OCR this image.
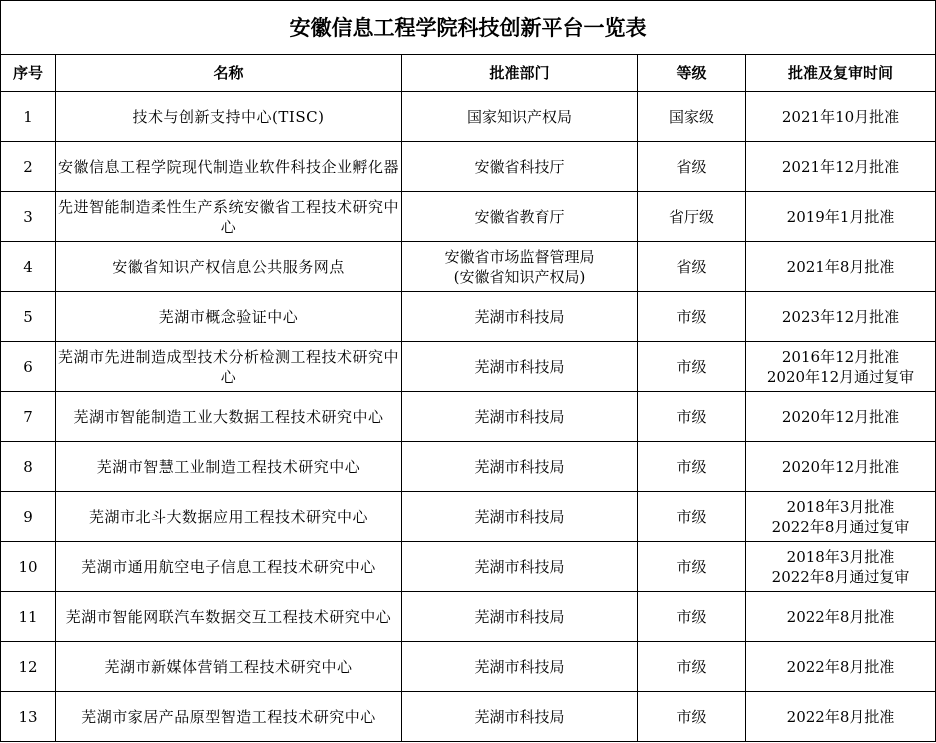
安徽信息工程学院科技创新平台一览表				
序号	名称	批准部门	等级	批准及复审时间
1	技术与创新支持中心(TISC)	国家知识产权局	国家级	2021年10月批准

2	安徽信息工程学院现代制造业软件科技企业孵化器	安徽省科技厅	省级	2021年12月批准

3	先进智能制造柔性生产系统安徽省工程技术研究中心	安徽省教育厅	省厅级	2019年1月批准

4	安徽省知识产权信息公共服务网点	安徽省市场监督管理局
(安徽省知识产权局)	省级	2021年8月批准

5	芜湖市概念验证中心	芜湖市科技局	市级	2023年12月批准

6	芜湖市先进制造成型技术分析检测工程技术研究中心	芜湖市科技局	市级	2016年12月批准
2020年12月通过复审

7	芜湖市智能制造工业大数据工程技术研究中心	芜湖市科技局	市级	2020年12月批准

8	芜湖市智慧工业制造工程技术研究中心	芜湖市科技局	市级	2020年12月批准

9	芜湖市北斗大数据应用工程技术研究中心	芜湖市科技局	市级	2018年3月批准
2022年8月通过复审

10	芜湖市通用航空电子信息工程技术研究中心	芜湖市科技局	市级	2018年3月批准
2022年8月通过复审

11	芜湖市智能网联汽车数据交互工程技术研究中心	芜湖市科技局	市级	2022年8月批准

12	芜湖市新媒体营销工程技术研究中心	芜湖市科技局	市级	2022年8月批准

13	芜湖市家居产品原型智造工程技术研究中心	芜湖市科技局	市级	2022年8月批准
